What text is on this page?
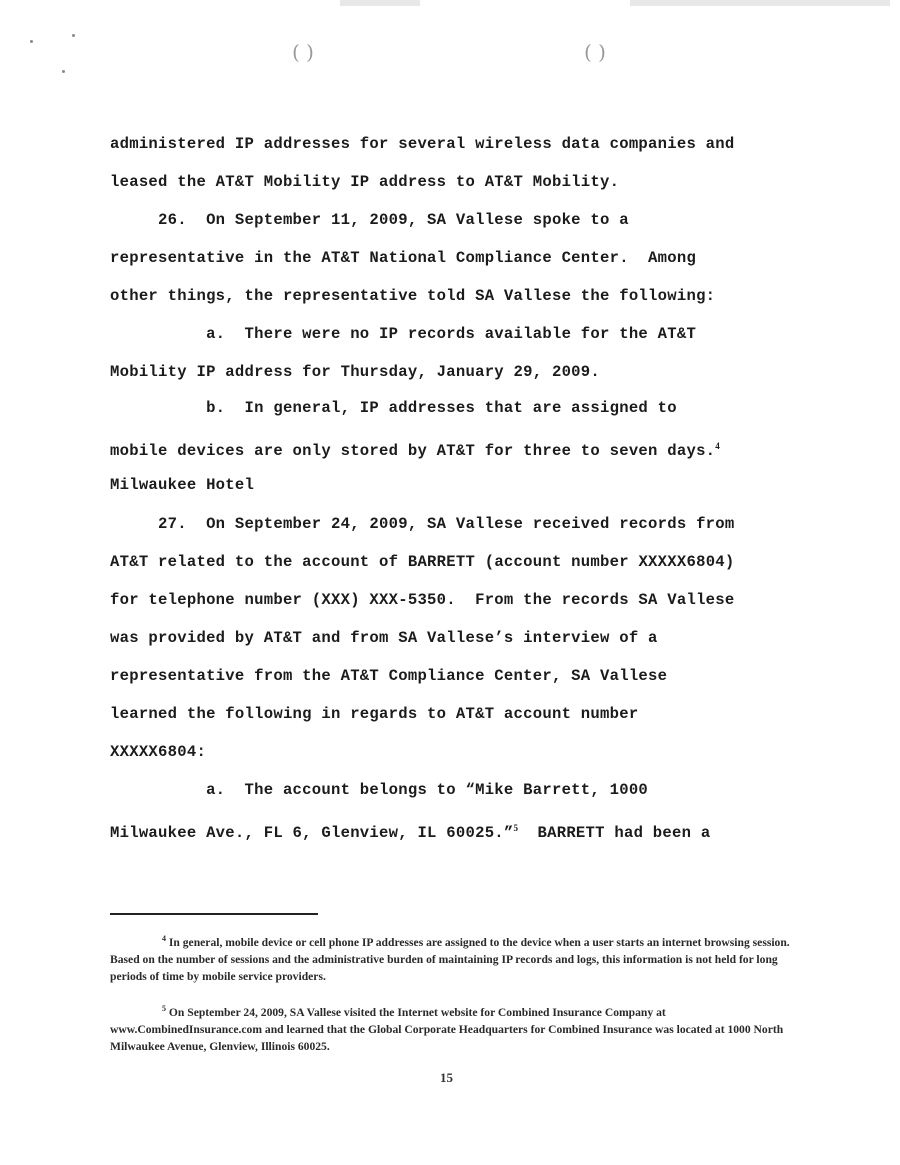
( )	( )
administered IP addresses for several wireless data companies and
leased the AT&T Mobility IP address to AT&T Mobility.
26.  On September 11, 2009, SA Vallese spoke to a
representative in the AT&T National Compliance Center.  Among
other things, the representative told SA Vallese the following:
a.  There were no IP records available for the AT&T
Mobility IP address for Thursday, January 29, 2009.
b.  In general, IP addresses that are assigned to
mobile devices are only stored by AT&T for three to seven days.$^4$
Milwaukee Hotel
27.  On September 24, 2009, SA Vallese received records from
AT&T related to the account of BARRETT (account number XXXXX6804)
for telephone number (XXX) XXX-5350.  From the records SA Vallese
was provided by AT&T and from SA Vallese’s interview of a
representative from the AT&T Compliance Center, SA Vallese
learned the following in regards to AT&T account number
XXXXX6804:
a.  The account belongs to “Mike Barrett, 1000
Milwaukee Ave., FL 6, Glenview, IL 60025.”$^5$ BARRETT had been a

$^4$ In general, mobile device or cell phone IP addresses are assigned to the device when a user starts an internet browsing session. Based on the number of sessions and the administrative burden of maintaining IP records and logs, this information is not held for long periods of time by mobile service providers.

$^5$ On September 24, 2009, SA Vallese visited the Internet website for Combined Insurance Company at www.CombinedInsurance.com and learned that the Global Corporate Headquarters for Combined Insurance was located at 1000 North Milwaukee Avenue, Glenview, Illinois 60025.

15
